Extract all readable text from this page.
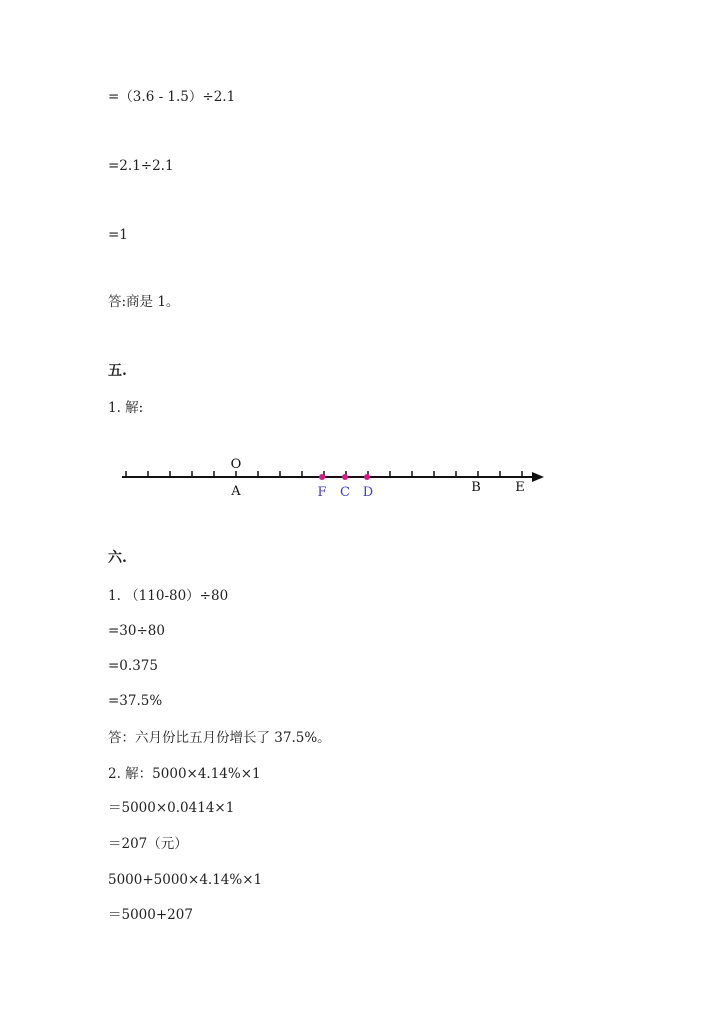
=（3.6 - 1.5）÷2.1
=2.1÷2.1
=1
答:商是 1。
五.
1. 解:
O
A	F C D	B	E
六.
1. （110-80）÷80
=30÷80
=0.375
=37.5%
答：六月份比五月份增长了 37.5%。
2. 解：5000×4.14%×1
＝5000×0.0414×1
＝207（元）
5000+5000×4.14%×1
＝5000+207
